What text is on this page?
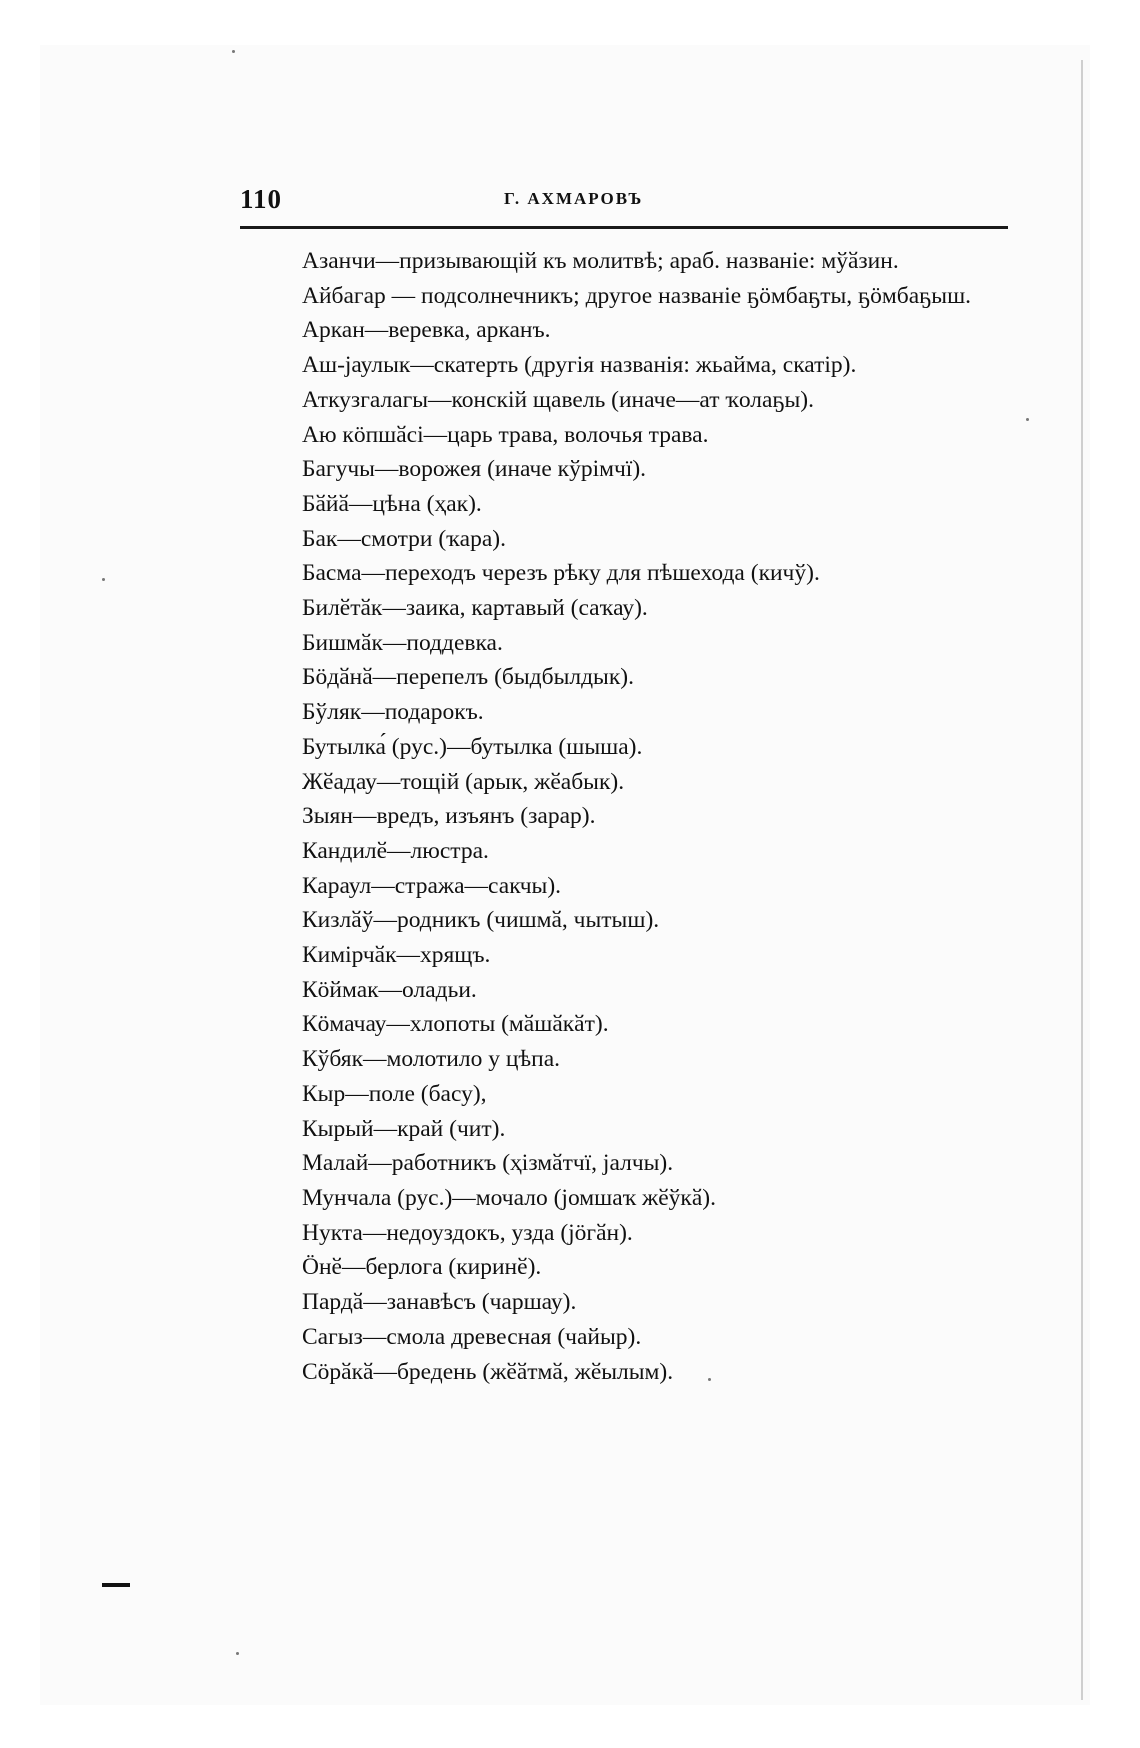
110	Г. АХМАРОВЪ
Азанчи—призывающій къ молитвѣ; араб. названіе: мўӑзин.
Айбагар — подсолнечникъ; другое названіе ҕӧмбаҕты, ҕӧмбаҕыш.
Аркан—веревка, арканъ.
Аш-јаулык—скатерть (другія названія: жьаймa, скатір).
Аткузгалагы—конскій щавель (иначе—ат ҡолаҕы).
Аю кӧпшӑсі—царь трава, волочья трава.
Багучы—ворожея (иначе кўрімчї).
Бӑйӑ—цѣна (ҳак).
Бак—смотри (ҡара).
Басма—переходъ черезъ рѣку для пѣшехода (кичў).
Билӗтӑк—заика, картавый (саҡау).
Бишмӑк—поддевка.
Бӧдӑнӑ—перепелъ (быдбылдык).
Бўляк—подарокъ.
Бутылка́ (рус.)—бутылка (шыша).
Жӗадау—тощій (арык, жӗабык).
Зыян—вредъ, изъянъ (зарар).
Кандилӗ—люстра.
Караул—стража—сакчы).
Кизлӑў—родникъ (чишмӑ, чытыш).
Кимірчӑк—хрящъ.
Кӧймак—оладьи.
Кӧмачау—хлопоты (мӑшӑкӑт).
Кўбяк—молотило у цѣпа.
Кыр—поле (басу),
Кырый—край (чит).
Малай—работникъ (ҳізмӑтчї, јалчы).
Мунчала (рус.)—мочало (јомшаҡ жӗўкӑ).
Нукта—недоуздокъ, узда (јӧгӑн).
Ӧнӗ—берлога (киринӗ).
Пардӑ—занавѣсъ (чаршау).
Сагыз—смола древесная (чайыр).
Сӧрӑкӑ—бредень (жӗӑтмӑ, жӗылым).
